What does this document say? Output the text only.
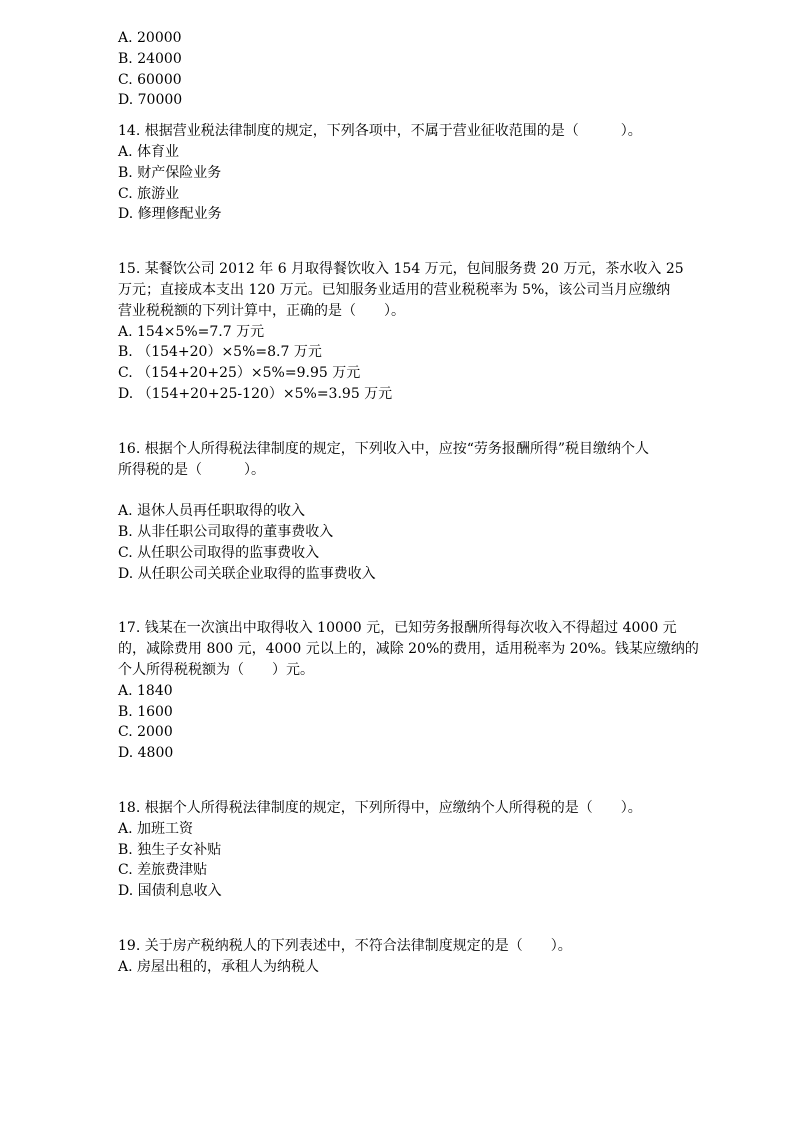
A. 20000
B. 24000
C. 60000
D. 70000
14. 根据营业税法律制度的规定，下列各项中，不属于营业征收范围的是（　　　）。
A. 体育业
B. 财产保险业务
C. 旅游业
D. 修理修配业务
15. 某餐饮公司 2012 年 6 月取得餐饮收入 154 万元，包间服务费 20 万元，茶水收入 25
万元；直接成本支出 120 万元。已知服务业适用的营业税税率为 5%，该公司当月应缴纳
营业税税额的下列计算中，正确的是（　　）。
A. 154×5%=7.7 万元
B. （154+20）×5%=8.7 万元
C. （154+20+25）×5%=9.95 万元
D. （154+20+25-120）×5%=3.95 万元
16. 根据个人所得税法律制度的规定，下列收入中，应按“劳务报酬所得”税目缴纳个人
所得税的是（　　　）。
A. 退休人员再任职取得的收入
B. 从非任职公司取得的董事费收入
C. 从任职公司取得的监事费收入
D. 从任职公司关联企业取得的监事费收入
17. 钱某在一次演出中取得收入 10000 元，已知劳务报酬所得每次收入不得超过 4000 元
的，减除费用 800 元，4000 元以上的，减除 20%的费用，适用税率为 20%。钱某应缴纳的
个人所得税税额为（　　）元。
A. 1840
B. 1600
C. 2000
D. 4800
18. 根据个人所得税法律制度的规定，下列所得中，应缴纳个人所得税的是（　　）。
A. 加班工资
B. 独生子女补贴
C. 差旅费津贴
D. 国债利息收入
19. 关于房产税纳税人的下列表述中，不符合法律制度规定的是（　　）。
A. 房屋出租的，承租人为纳税人
